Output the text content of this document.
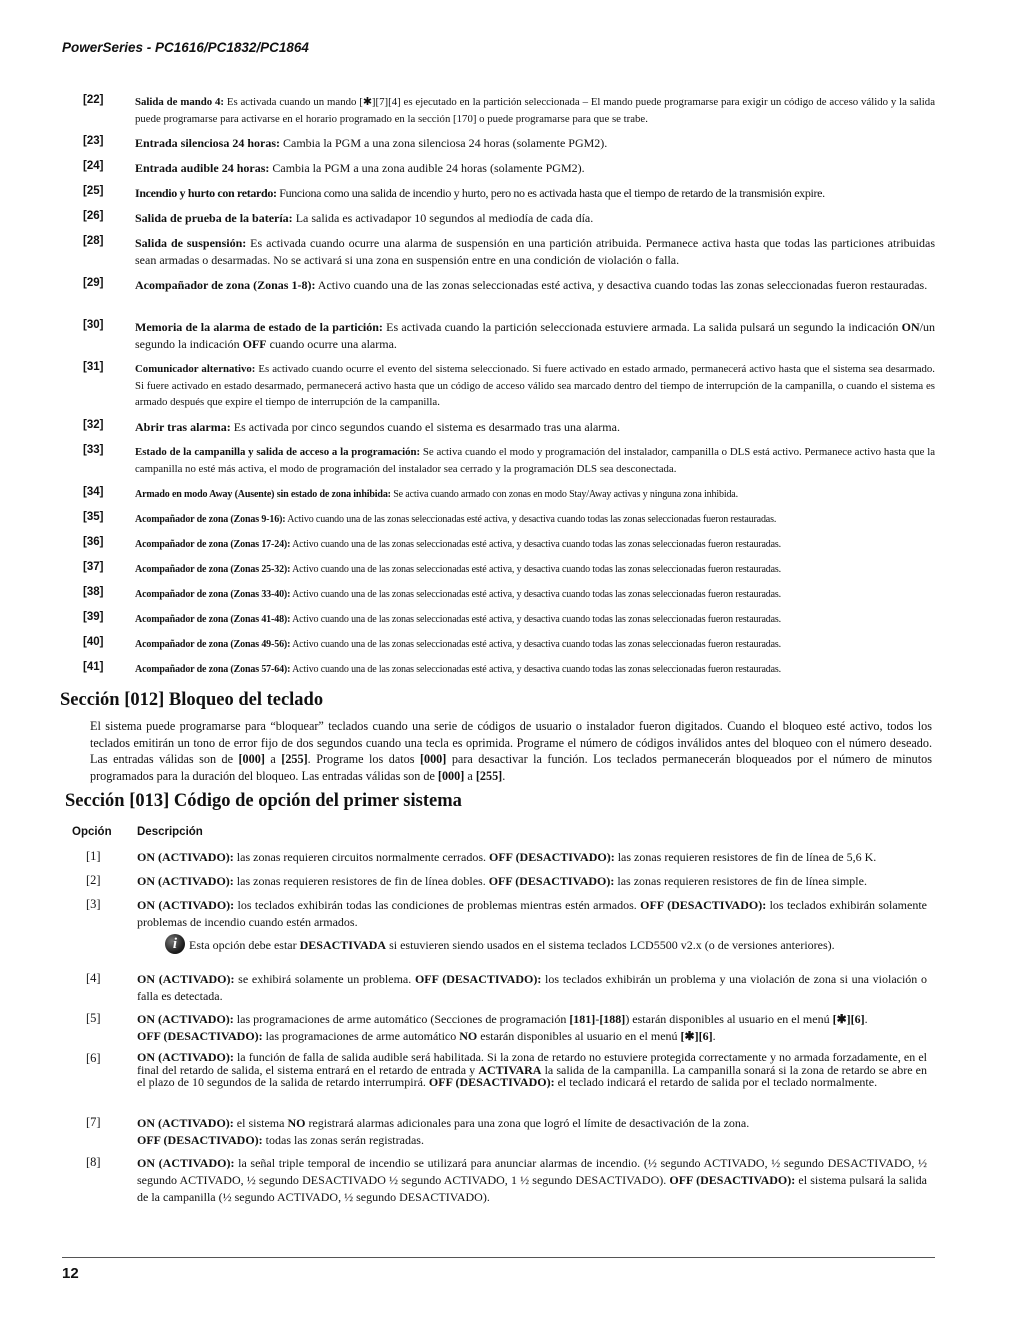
PowerSeries - PC1616/PC1832/PC1864
[22]	Salida de mando 4: Es activada cuando un mando [✱][7][4] es ejecutado en la partición seleccionada – El mando puede programarse para exigir un código de acceso válido y la salida puede programarse para activarse en el horario programado en la sección [170] o puede programarse para que se trabe.
[23]	Entrada silenciosa 24 horas: Cambia la PGM a una zona silenciosa 24 horas (solamente PGM2).
[24]	Entrada audible 24 horas: Cambia la PGM a una zona audible 24 horas (solamente PGM2).
[25]	Incendio y hurto con retardo: Funciona como una salida de incendio y hurto, pero no es activada hasta que el tiempo de retardo de la transmisión expire.
[26]	Salida de prueba de la batería: La salida es activadapor 10 segundos al mediodía de cada día.
[28]	Salida de suspensión: Es activada cuando ocurre una alarma de suspensión en una partición atribuida. Permanece activa hasta que todas las particiones atribuidas sean armadas o desarmadas. No se activará si una zona en suspensión entre en una condición de violación o falla.
[29]	Acompañador de zona (Zonas 1-8): Activo cuando una de las zonas seleccionadas esté activa, y desactiva cuando todas las zonas seleccionadas fueron restauradas.
[30]	Memoria de la alarma de estado de la partición: Es activada cuando la partición seleccionada estuviere armada. La salida pulsará un segundo la indicación ON/un segundo la indicación OFF cuando ocurre una alarma.
[31]	Comunicador alternativo: Es activado cuando ocurre el evento del sistema seleccionado. Si fuere activado en estado armado, permanecerá activo hasta que el sistema sea desarmado. Si fuere activado en estado desarmado, permanecerá activo hasta que un código de acceso válido sea marcado dentro del tiempo de interrupción de la campanilla, o cuando el sistema es armado después que expire el tiempo de interrupción de la campanilla.
[32]	Abrir tras alarma: Es activada por cinco segundos cuando el sistema es desarmado tras una alarma.
[33]	Estado de la campanilla y salida de acceso a la programación: Se activa cuando el modo y programación del instalador, campanilla o DLS está activo. Permanece activo hasta que la campanilla no esté más activa, el modo de programación del instalador sea cerrado y la programación DLS sea desconectada.
[34]	Armado en modo Away (Ausente) sin estado de zona inhibida: Se activa cuando armado con zonas en modo Stay/Away activas y ninguna zona inhibida.
[35]	Acompañador de zona (Zonas 9-16): Activo cuando una de las zonas seleccionadas esté activa, y desactiva cuando todas las zonas seleccionadas fueron restauradas.
[36]	Acompañador de zona (Zonas 17-24): Activo cuando una de las zonas seleccionadas esté activa, y desactiva cuando todas las zonas seleccionadas fueron restauradas.
[37]	Acompañador de zona (Zonas 25-32): Activo cuando una de las zonas seleccionadas esté activa, y desactiva cuando todas las zonas seleccionadas fueron restauradas.
[38]	Acompañador de zona (Zonas 33-40): Activo cuando una de las zonas seleccionadas esté activa, y desactiva cuando todas las zonas seleccionadas fueron restauradas.
[39]	Acompañador de zona (Zonas 41-48): Activo cuando una de las zonas seleccionadas esté activa, y desactiva cuando todas las zonas seleccionadas fueron restauradas.
[40]	Acompañador de zona (Zonas 49-56): Activo cuando una de las zonas seleccionadas esté activa, y desactiva cuando todas las zonas seleccionadas fueron restauradas.
[41]	Acompañador de zona (Zonas 57-64): Activo cuando una de las zonas seleccionadas esté activa, y desactiva cuando todas las zonas seleccionadas fueron restauradas.
Sección [012] Bloqueo del teclado
El sistema puede programarse para “bloquear” teclados cuando una serie de códigos de usuario o instalador fueron digitados. Cuando el bloqueo esté activo, todos los teclados emitirán un tono de error fijo de dos segundos cuando una tecla es oprimida. Programe el número de códigos inválidos antes del bloqueo con el número deseado. Las entradas válidas son de [000] a [255]. Programe los datos [000] para desactivar la función. Los teclados permanecerán bloqueados por el número de minutos programados para la duración del bloqueo. Las entradas válidas son de [000] a [255].
Sección [013] Código de opción del primer sistema
Opción Descripción
[1]	ON (ACTIVADO): las zonas requieren circuitos normalmente cerrados. OFF (DESACTIVADO): las zonas requieren resistores de fin de línea de 5,6 K.
[2]	ON (ACTIVADO): las zonas requieren resistores de fin de línea dobles. OFF (DESACTIVADO): las zonas requieren resistores de fin de línea simple.
[3]	ON (ACTIVADO): los teclados exhibirán todas las condiciones de problemas mientras estén armados. OFF (DESACTIVADO): los teclados exhibirán solamente problemas de incendio cuando estén armados.
i Esta opción debe estar DESACTIVADA si estuvieren siendo usados en el sistema teclados LCD5500 v2.x (o de versiones anteriores).
[4]	ON (ACTIVADO): se exhibirá solamente un problema. OFF (DESACTIVADO): los teclados exhibirán un problema y una violación de zona si una violación o falla es detectada.
[5]	ON (ACTIVADO): las programaciones de arme automático (Secciones de programación [181]-[188]) estarán disponibles al usuario en el menú [✱][6].
OFF (DESACTIVADO): las programaciones de arme automático NO estarán disponibles al usuario en el menú [✱][6].
[6]	ON (ACTIVADO): la función de falla de salida audible será habilitada. Si la zona de retardo no estuviere protegida correctamente y no armada forzadamente, en el final del retardo de salida, el sistema entrará en el retardo de entrada y ACTIVARA la salida de la campanilla. La campanilla sonará si la zona de retardo se abre en el plazo de 10 segundos de la salida de retardo interrumpirá. OFF (DESACTIVADO): el teclado indicará el retardo de salida por el teclado normalmente.
[7]	ON (ACTIVADO): el sistema NO registrará alarmas adicionales para una zona que logró el límite de desactivación de la zona.
OFF (DESACTIVADO): todas las zonas serán registradas.
[8]	ON (ACTIVADO): la señal triple temporal de incendio se utilizará para anunciar alarmas de incendio. (½ segundo ACTIVADO, ½ segundo DESACTIVADO, ½ segundo ACTIVADO, ½ segundo DESACTIVADO ½ segundo ACTIVADO, 1 ½ segundo DESACTIVADO). OFF (DESACTIVADO): el sistema pulsará la salida de la campanilla (½ segundo ACTIVADO, ½ segundo DESACTIVADO).
12
